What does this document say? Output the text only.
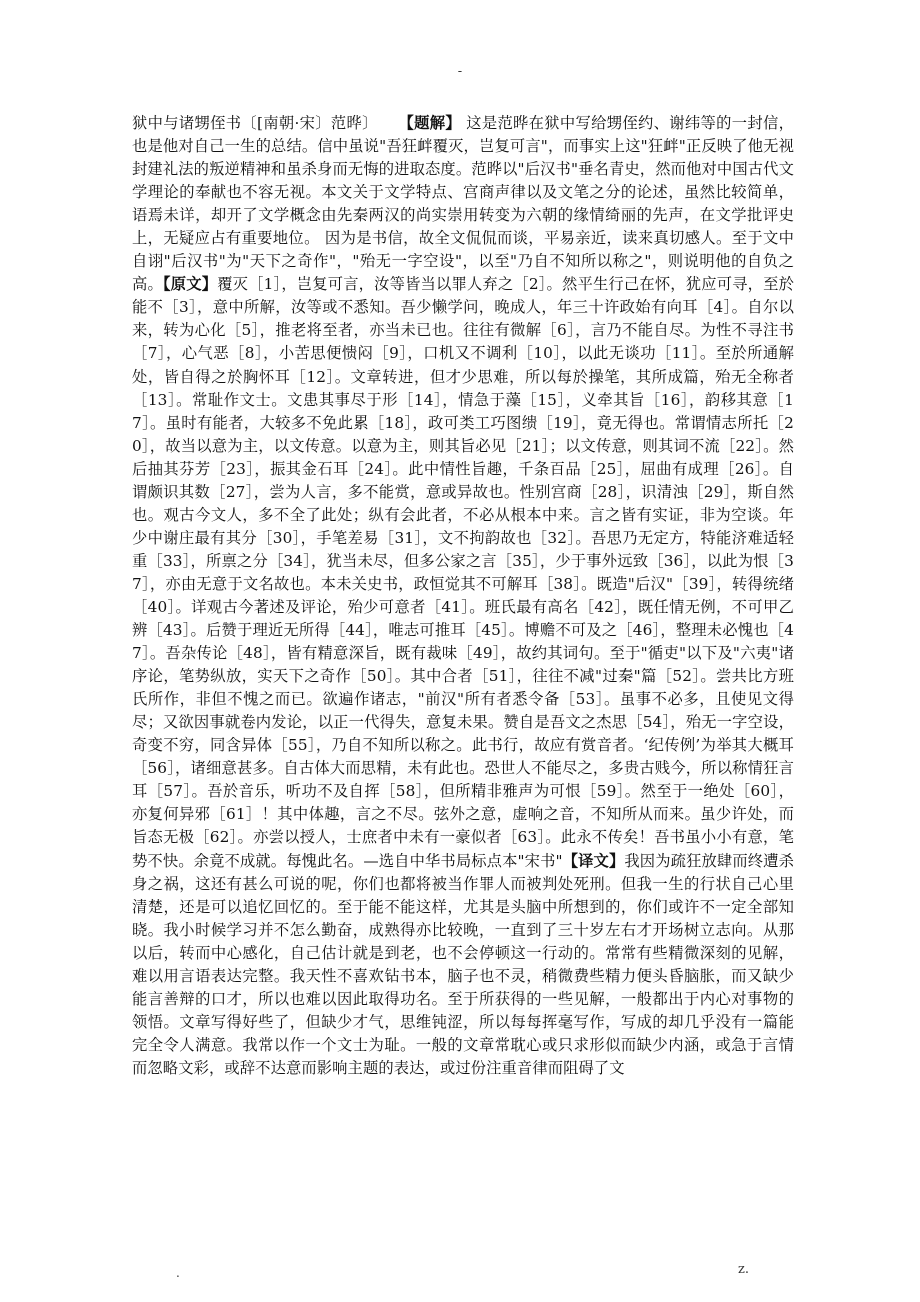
-

狱中与诸甥侄书〔[南朝·宋〕范晔〕 【题解】 这是范晔在狱中写给甥侄约、谢纬等的一封信，也是他对自己一生的总结。信中虽说"吾狂衅覆灭，岂复可言"，而事实上这"狂衅"正反映了他无视封建礼法的叛逆精神和虽杀身而无悔的进取态度。范晔以"后汉书"垂名青史，然而他对中国古代文学理论的奉献也不容无视。本文关于文学特点、宫商声律以及文笔之分的论述，虽然比较简单，语焉未详，却开了文学概念由先秦两汉的尚实崇用转变为六朝的缘情绮丽的先声，在文学批评史上，无疑应占有重要地位。 因为是书信，故全文侃侃而谈，平易亲近，读来真切感人。至于文中自诩"后汉书"为"天下之奇作"，"殆无一字空设"，以至"乃自不知所以称之"，则说明他的自负之高。【原文】覆灭［1］，岂复可言，汝等皆当以罪人弃之［2］。然平生行己在怀，犹应可寻，至於能不［3］，意中所解，汝等或不悉知。吾少懒学问，晚成人，年三十许政始有向耳［4］。自尔以来，转为心化［5］，推老将至者，亦当未已也。往往有微解［6］，言乃不能自尽。为性不寻注书［7］，心气恶［8］，小苦思便愦闷［9］，口机又不调利［10］，以此无谈功［11］。至於所通解处，皆自得之於胸怀耳［12］。文章转进，但才少思难，所以每於操笔，其所成篇，殆无全称者［13］。常耻作文士。文患其事尽于形［14］，情急于藻［15］，义牵其旨［16］，韵移其意［17］。虽时有能者，大较多不免此累［18］，政可类工巧图缋［19］，竟无得也。常谓情志所托［20］，故当以意为主，以文传意。以意为主，则其旨必见［21］；以文传意，则其词不流［22］。然后抽其芬芳［23］，振其金石耳［24］。此中情性旨趣，千条百品［25］，屈曲有成理［26］。自谓颇识其数［27］，尝为人言，多不能赏，意或异故也。性别宫商［28］，识清浊［29］，斯自然也。观古今文人，多不全了此处；纵有会此者，不必从根本中来。言之皆有实证，非为空谈。年少中谢庄最有其分［30］，手笔差易［31］，文不拘韵故也［32］。吾思乃无定方，特能济难适轻重［33］，所禀之分［34］，犹当未尽，但多公家之言［35］，少于事外远致［36］，以此为恨［37］，亦由无意于文名故也。本未关史书，政恒觉其不可解耳［38］。既造"后汉"［39］，转得统绪［40］。详观古今著述及评论，殆少可意者［41］。班氏最有高名［42］，既任情无例，不可甲乙辨［43］。后赞于理近无所得［44］，唯志可推耳［45］。博赡不可及之［46］，整理未必愧也［47］。吾杂传论［48］，皆有精意深旨，既有裁味［49］，故约其词句。至于"循吏"以下及"六夷"诸序论，笔势纵放，实天下之奇作［50］。其中合者［51］，往往不减"过秦"篇［52］。尝共比方班氏所作，非但不愧之而已。欲遍作诸志，"前汉"所有者悉令备［53］。虽事不必多，且使见文得尽；又欲因事就卷内发论，以正一代得失，意复未果。赞自是吾文之杰思［54］，殆无一字空设，奇变不穷，同含异体［55］，乃自不知所以称之。此书行，故应有赏音者。‘纪传例’为举其大概耳［56］，诸细意甚多。自古体大而思精，未有此也。恐世人不能尽之，多贵古贱今，所以称情狂言耳［57］。吾於音乐，听功不及自挥［58］，但所精非雅声为可恨［59］。然至于一绝处［60］，亦复何异邪［61］！其中体趣，言之不尽。弦外之意，虚响之音，不知所从而来。虽少许处，而旨态无极［62］。亦尝以授人，士庶者中未有一豪似者［63］。此永不传矣！吾书虽小小有意，笔势不快。余竟不成就。每愧此名。—选自中华书局标点本"宋书"【译文】我因为疏狂放肆而终遭杀身之祸，这还有甚么可说的呢，你们也都将被当作罪人而被判处死刑。但我一生的行状自己心里清楚，还是可以追忆回忆的。至于能不能这样，尤其是头脑中所想到的，你们或许不一定全部知晓。我小时候学习并不怎么勤奋，成熟得亦比较晚，一直到了三十岁左右才开场树立志向。从那以后，转而中心感化，自己估计就是到老，也不会停顿这一行动的。常常有些精微深刻的见解，难以用言语表达完整。我天性不喜欢钻书本，脑子也不灵，稍微费些精力便头昏脑胀，而又缺少能言善辩的口才，所以也难以因此取得功名。至于所获得的一些见解，一般都出于内心对事物的领悟。文章写得好些了，但缺少才气，思维钝涩，所以每每挥毫写作，写成的却几乎没有一篇能完全令人满意。我常以作一个文士为耻。一般的文章常耽心或只求形似而缺少内涵，或急于言情而忽略文彩，或辞不达意而影响主题的表达，或过份注重音律而阻碍了文

.	z.
